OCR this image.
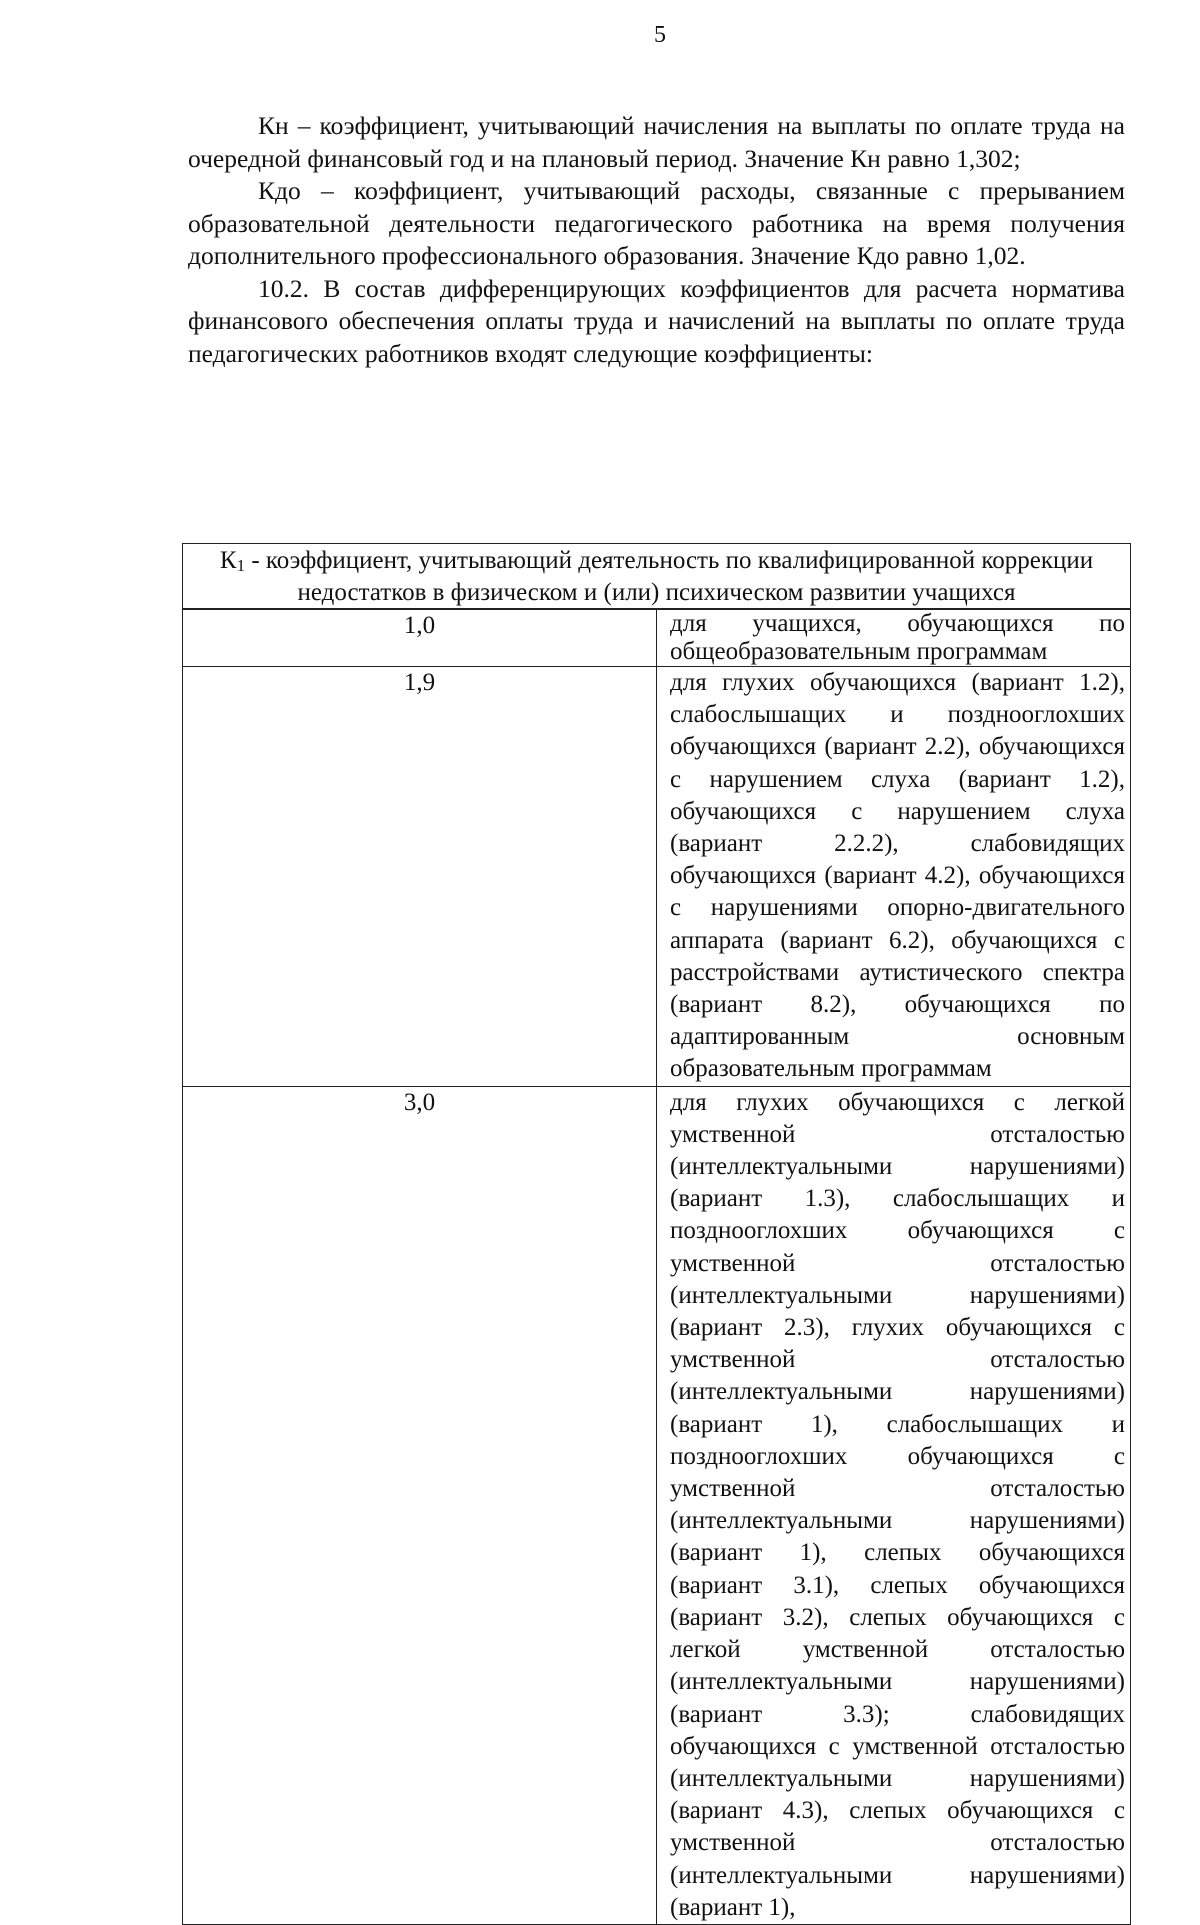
5

Кн – коэффициент, учитывающий начисления на выплаты по оплате труда на очередной финансовый год и на плановый период. Значение Кн равно 1,302;

Кдо – коэффициент, учитывающий расходы, связанные с прерыванием образовательной деятельности педагогического работника на время получения дополнительного профессионального образования. Значение Кдо равно 1,02.

10.2. В состав дифференцирующих коэффициентов для расчета норматива финансового обеспечения оплаты труда и начислений на выплаты по оплате труда педагогических работников входят следующие коэффициенты:

К1 - коэффициент, учитывающий деятельность по квалифицированной коррекции недостатков в физическом и (или) психическом развитии учащихся	
1,0	для учащихся, обучающихся по общеобразовательным программам
1,9	для глухих обучающихся (вариант 1.2), слабослышащих и позднооглохших обучающихся (вариант 2.2), обучающихся с нарушением слуха (вариант 1.2), обучающихся с нарушением слуха (вариант 2.2.2), слабовидящих обучающихся (вариант 4.2), обучающихся с нарушениями опорно-двигательного аппарата (вариант 6.2), обучающихся с расстройствами аутистического спектра (вариант 8.2), обучающихся по адаптированным основным образовательным программам
3,0	для глухих обучающихся с легкой умственной отсталостью (интеллектуальными нарушениями) (вариант 1.3), слабослышащих и позднооглохших обучающихся с умственной отсталостью (интеллектуальными нарушениями) (вариант 2.3), глухих обучающихся с умственной отсталостью (интеллектуальными нарушениями) (вариант 1), слабослышащих и позднооглохших обучающихся с умственной отсталостью (интеллектуальными нарушениями) (вариант 1), слепых обучающихся (вариант 3.1), слепых обучающихся (вариант 3.2), слепых обучающихся с легкой умственной отсталостью (интеллектуальными нарушениями) (вариант 3.3); слабовидящих обучающихся с умственной отсталостью (интеллектуальными нарушениями) (вариант 4.3), слепых обучающихся с умственной отсталостью (интеллектуальными нарушениями) (вариант 1),
